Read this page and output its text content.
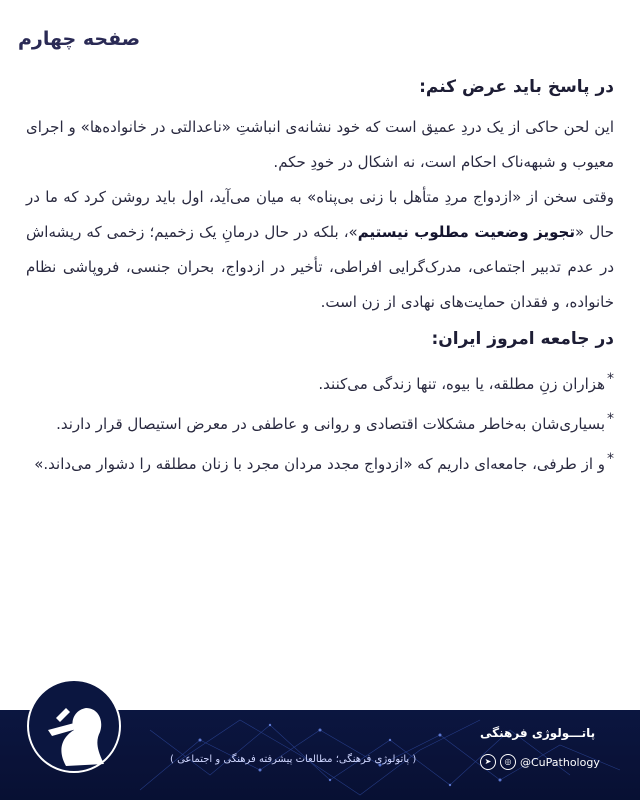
صفحه چهارم

در پاسخ باید عرض کنم:

این لحن حاکی از یک دردِ عمیق است که خود نشانه‌ی انباشتِ «ناعدالتی در خانواده‌ها» و اجرای معیوب و شبهه‌ناک احکام است، نه اشکال در خودِ حکم.

وقتی سخن از «ازدواج مردِ متأهل با زنی بی‌پناه» به میان می‌آید، اول باید روشن کرد که ما در حال «تجویز وضعیت مطلوب نیستیم»، بلکه در حال درمانِ یک زخمیم؛ زخمی که ریشه‌اش در عدم تدبیر اجتماعی، مدرک‌گرایی افراطی، تأخیر در ازدواج، بحران جنسی، فروپاشی نظام خانواده، و فقدان حمایت‌های نهادی از زن است.

در جامعه امروز ایران:

*هزاران زنِ مطلقه، یا بیوه، تنها زندگی می‌کنند.

*بسیاری‌شان به‌خاطر مشکلات اقتصادی و روانی و عاطفی در معرض استیصال قرار دارند.

*و از طرفی، جامعه‌ای داریم که «ازدواج مجدد مردان مجرد با زنان مطلقه را دشوار می‌داند.»

پاتـــولوژی فرهنگی
➤	◎ @CuPathology
( پاتولوژی فرهنگی؛ مطالعات پیشرفته فرهنگی و اجتماعی )
